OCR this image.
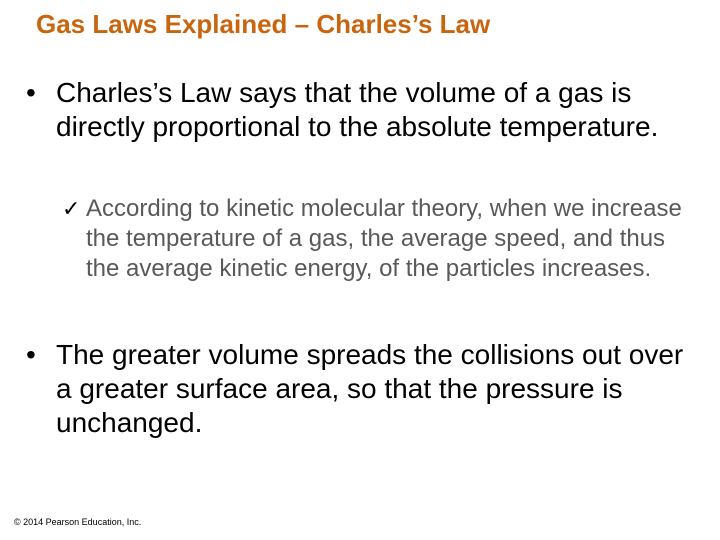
Gas Laws Explained – Charles’s Law
• Charles’s Law says that the volume of a gas is directly proportional to the absolute temperature.
✓ According to kinetic molecular theory, when we increase the temperature of a gas, the average speed, and thus the average kinetic energy, of the particles increases.
• The greater volume spreads the collisions out over a greater surface area, so that the pressure is unchanged.
© 2014 Pearson Education, Inc.
